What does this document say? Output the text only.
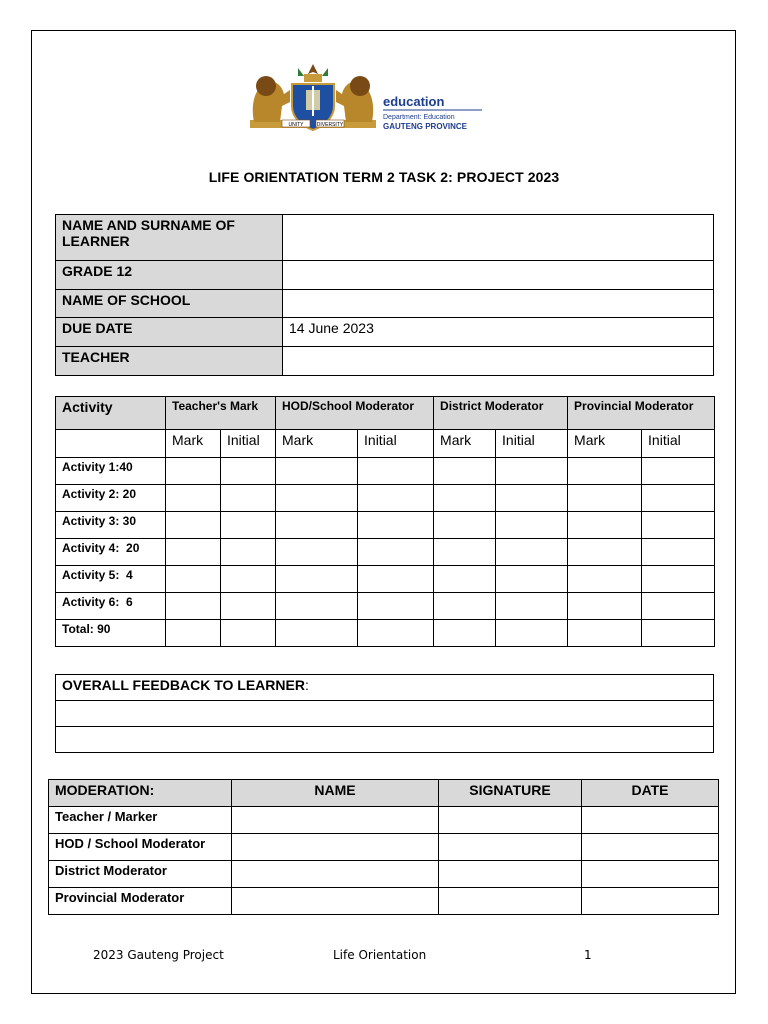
UNITY	DIVERSITY
education
Department: Education
GAUTENG PROVINCE
LIFE ORIENTATION TERM 2 TASK 2: PROJECT 2023
NAME AND SURNAME OF LEARNER	
GRADE 12	
NAME OF SCHOOL	
DUE DATE	14 June 2023
TEACHER	
Activity	Teacher's Mark		HOD/School Moderator		District Moderator		Provincial Moderator	
	Mark	Initial	Mark	Initial	Mark	Initial	Mark	Initial
Activity 1:40								
Activity 2: 20								
Activity 3: 30								
Activity 4:  20								
Activity 5:  4								
Activity 6:  6								
Total: 90								
OVERALL FEEDBACK TO LEARNER:

MODERATION:	NAME	SIGNATURE	DATE
Teacher / Marker			
HOD / School Moderator			
District Moderator			
Provincial Moderator			
2023 Gauteng Project	Life Orientation	1
